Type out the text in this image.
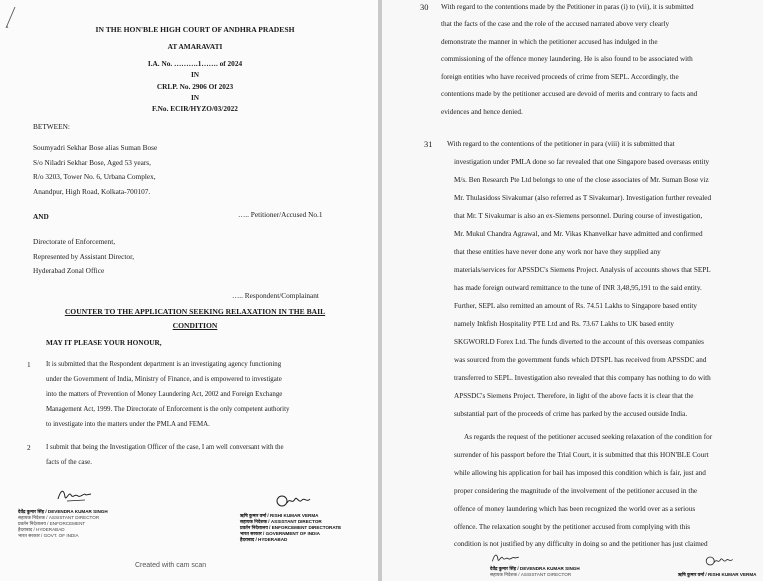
IN THE HON'BLE HIGH COURT OF ANDHRA PRADESH
AT AMARAVATI
I.A. No. ……….1……. of 2024
IN
CRLP. No. 2906 Of 2023
IN
F.No. ECIR/HYZO/03/2022
BETWEEN:
Soumyadri Sekhar Bose alias Suman Bose
S/o Niladri Sekhar Bose, Aged 53 years,
R/o 3203, Tower No. 6, Urbana Complex,
Anandpur, High Road, Kolkata-700107.
AND	….. Petitioner/Accused No.1
Directorate of Enforcement,
Represented by Assistant Director,
Hyderabad Zonal Office
….. Respondent/Complainant
COUNTER TO THE APPLICATION SEEKING RELAXATION IN THE BAIL
CONDITION
MAY IT PLEASE YOUR HONOUR,
1 It is submitted that the Respondent department is an investigating agency functioning
under the Government of India, Ministry of Finance, and is empowered to investigate
into the matters of Prevention of Money Laundering Act, 2002 and Foreign Exchange
Management Act, 1999. The Directorate of Enforcement is the only competent authority
to investigate into the matters under the PMLA and FEMA.
2 I submit that being the Investigation Officer of the case, I am well conversant with the
facts of the case.
देवेंद्र कुमार सिंह / DEVENDRA KUMAR SINGH
सहायक निदेशक / ASSISTANT DIRECTOR
प्रवर्तन निदेशालय / ENFORCEMENT
हैदराबाद / HYDERABAD
भारत सरकार / GOVT. OF INDIA
ऋषि कुमार वर्मा / RISHI KUMAR VERMA
सहायक निदेशक / ASSISTANT DIRECTOR
प्रवर्तन निदेशालय / ENFORCEMENT DIRECTORATE
भारत सरकार / GOVERNMENT OF INDIA
हैदराबाद / HYDERABAD
Created with cam scan
30 With regard to the contentions made by the Petitioner in paras (i) to (vii), it is submitted
that the facts of the case and the role of the accused narrated above very clearly
demonstrate the manner in which the petitioner accused has indulged in the
commissioning of the offence money laundering. He is also found to be associated with
foreign entities who have received proceeds of crime from SEPL. Accordingly, the
contentions made by the petitioner accused are devoid of merits and contrary to facts and
evidences and hence denied.
31 With regard to the contentions of the petitioner in para (viii) it is submitted that
investigation under PMLA done so far revealed that one Singapore based overseas entity
M/s. Ben Research Pte Ltd belongs to one of the close associates of Mr. Suman Bose viz
Mr. Thulasidoss Sivakumar (also referred as T Sivakumar). Investigation further revealed
that Mr. T Sivakumar is also an ex-Siemens personnel. During course of investigation,
Mr. Mukul Chandra Agrawal, and Mr. Vikas Khanvelkar have admitted and confirmed
that these entities have never done any work nor have they supplied any
materials/services for APSSDC's Siemens Project. Analysis of accounts shows that SEPL
has made foreign outward remittance to the tune of INR 3,48,95,191 to the said entity.
Further, SEPL also remitted an amount of Rs. 74.51 Lakhs to Singapore based entity
namely Inkfish Hospitality PTE Ltd and Rs. 73.67 Lakhs to UK based entity
SKGWORLD Forex Ltd. The funds diverted to the account of this overseas companies
was sourced from the government funds which DTSPL has received from APSSDC and
transferred to SEPL. Investigation also revealed that this company has nothing to do with
APSSDC's Siemens Project. Therefore, in light of the above facts it is clear that the
substantial part of the proceeds of crime has parked by the accused outside India.
As regards the request of the petitioner accused seeking relaxation of the condition for
surrender of his passport before the Trial Court, it is submitted that this HON'BLE Court
while allowing his application for bail has imposed this condition which is fair, just and
proper considering the magnitude of the involvement of the petitioner accused in the
offence of money laundering which has been recognized the world over as a serious
offence. The relaxation sought by the petitioner accused from complying with this
condition is not justified by any difficulty in doing so and the petitioner has just claimed
देवेंद्र कुमार सिंह / DEVENDRA KUMAR SINGH
सहायक निदेशक / ASSISTANT DIRECTOR	ऋषि कुमार वर्मा / RISHI KUMAR VERMA
